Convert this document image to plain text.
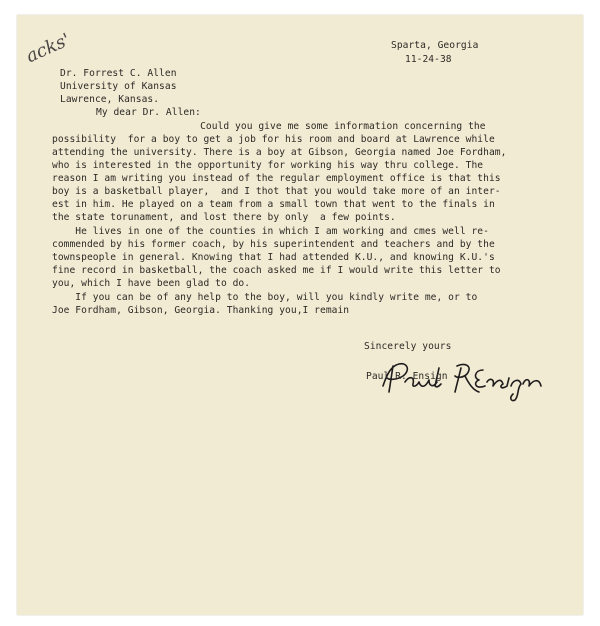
acks'	Sparta, Georgia
11-24-38
Dr. Forrest C. Allen
University of Kansas
Lawrence, Kansas.
My dear Dr. Allen:
Could you give me some information concerning the
possibility  for a boy to get a job for his room and board at Lawrence while
attending the university. There is a boy at Gibson, Georgia named Joe Fordham,
who is interested in the opportunity for working his way thru college. The
reason I am writing you instead of the regular employment office is that this
boy is a basketball player,  and I thot that you would take more of an inter-
est in him. He played on a team from a small town that went to the finals in
the state torunament, and lost there by only  a few points.
He lives in one of the counties in which I am working and cmes well re-
commended by his former coach, by his superintendent and teachers and by the
townspeople in general. Knowing that I had attended K.U., and knowing K.U.'s
fine record in basketball, the coach asked me if I would write this letter to
you, which I have been glad to do.
If you can be of any help to the boy, will you kindly write me, or to
Joe Fordham, Gibson, Georgia. Thanking you,I remain
Sincerely yours
Paul R. Ensign
